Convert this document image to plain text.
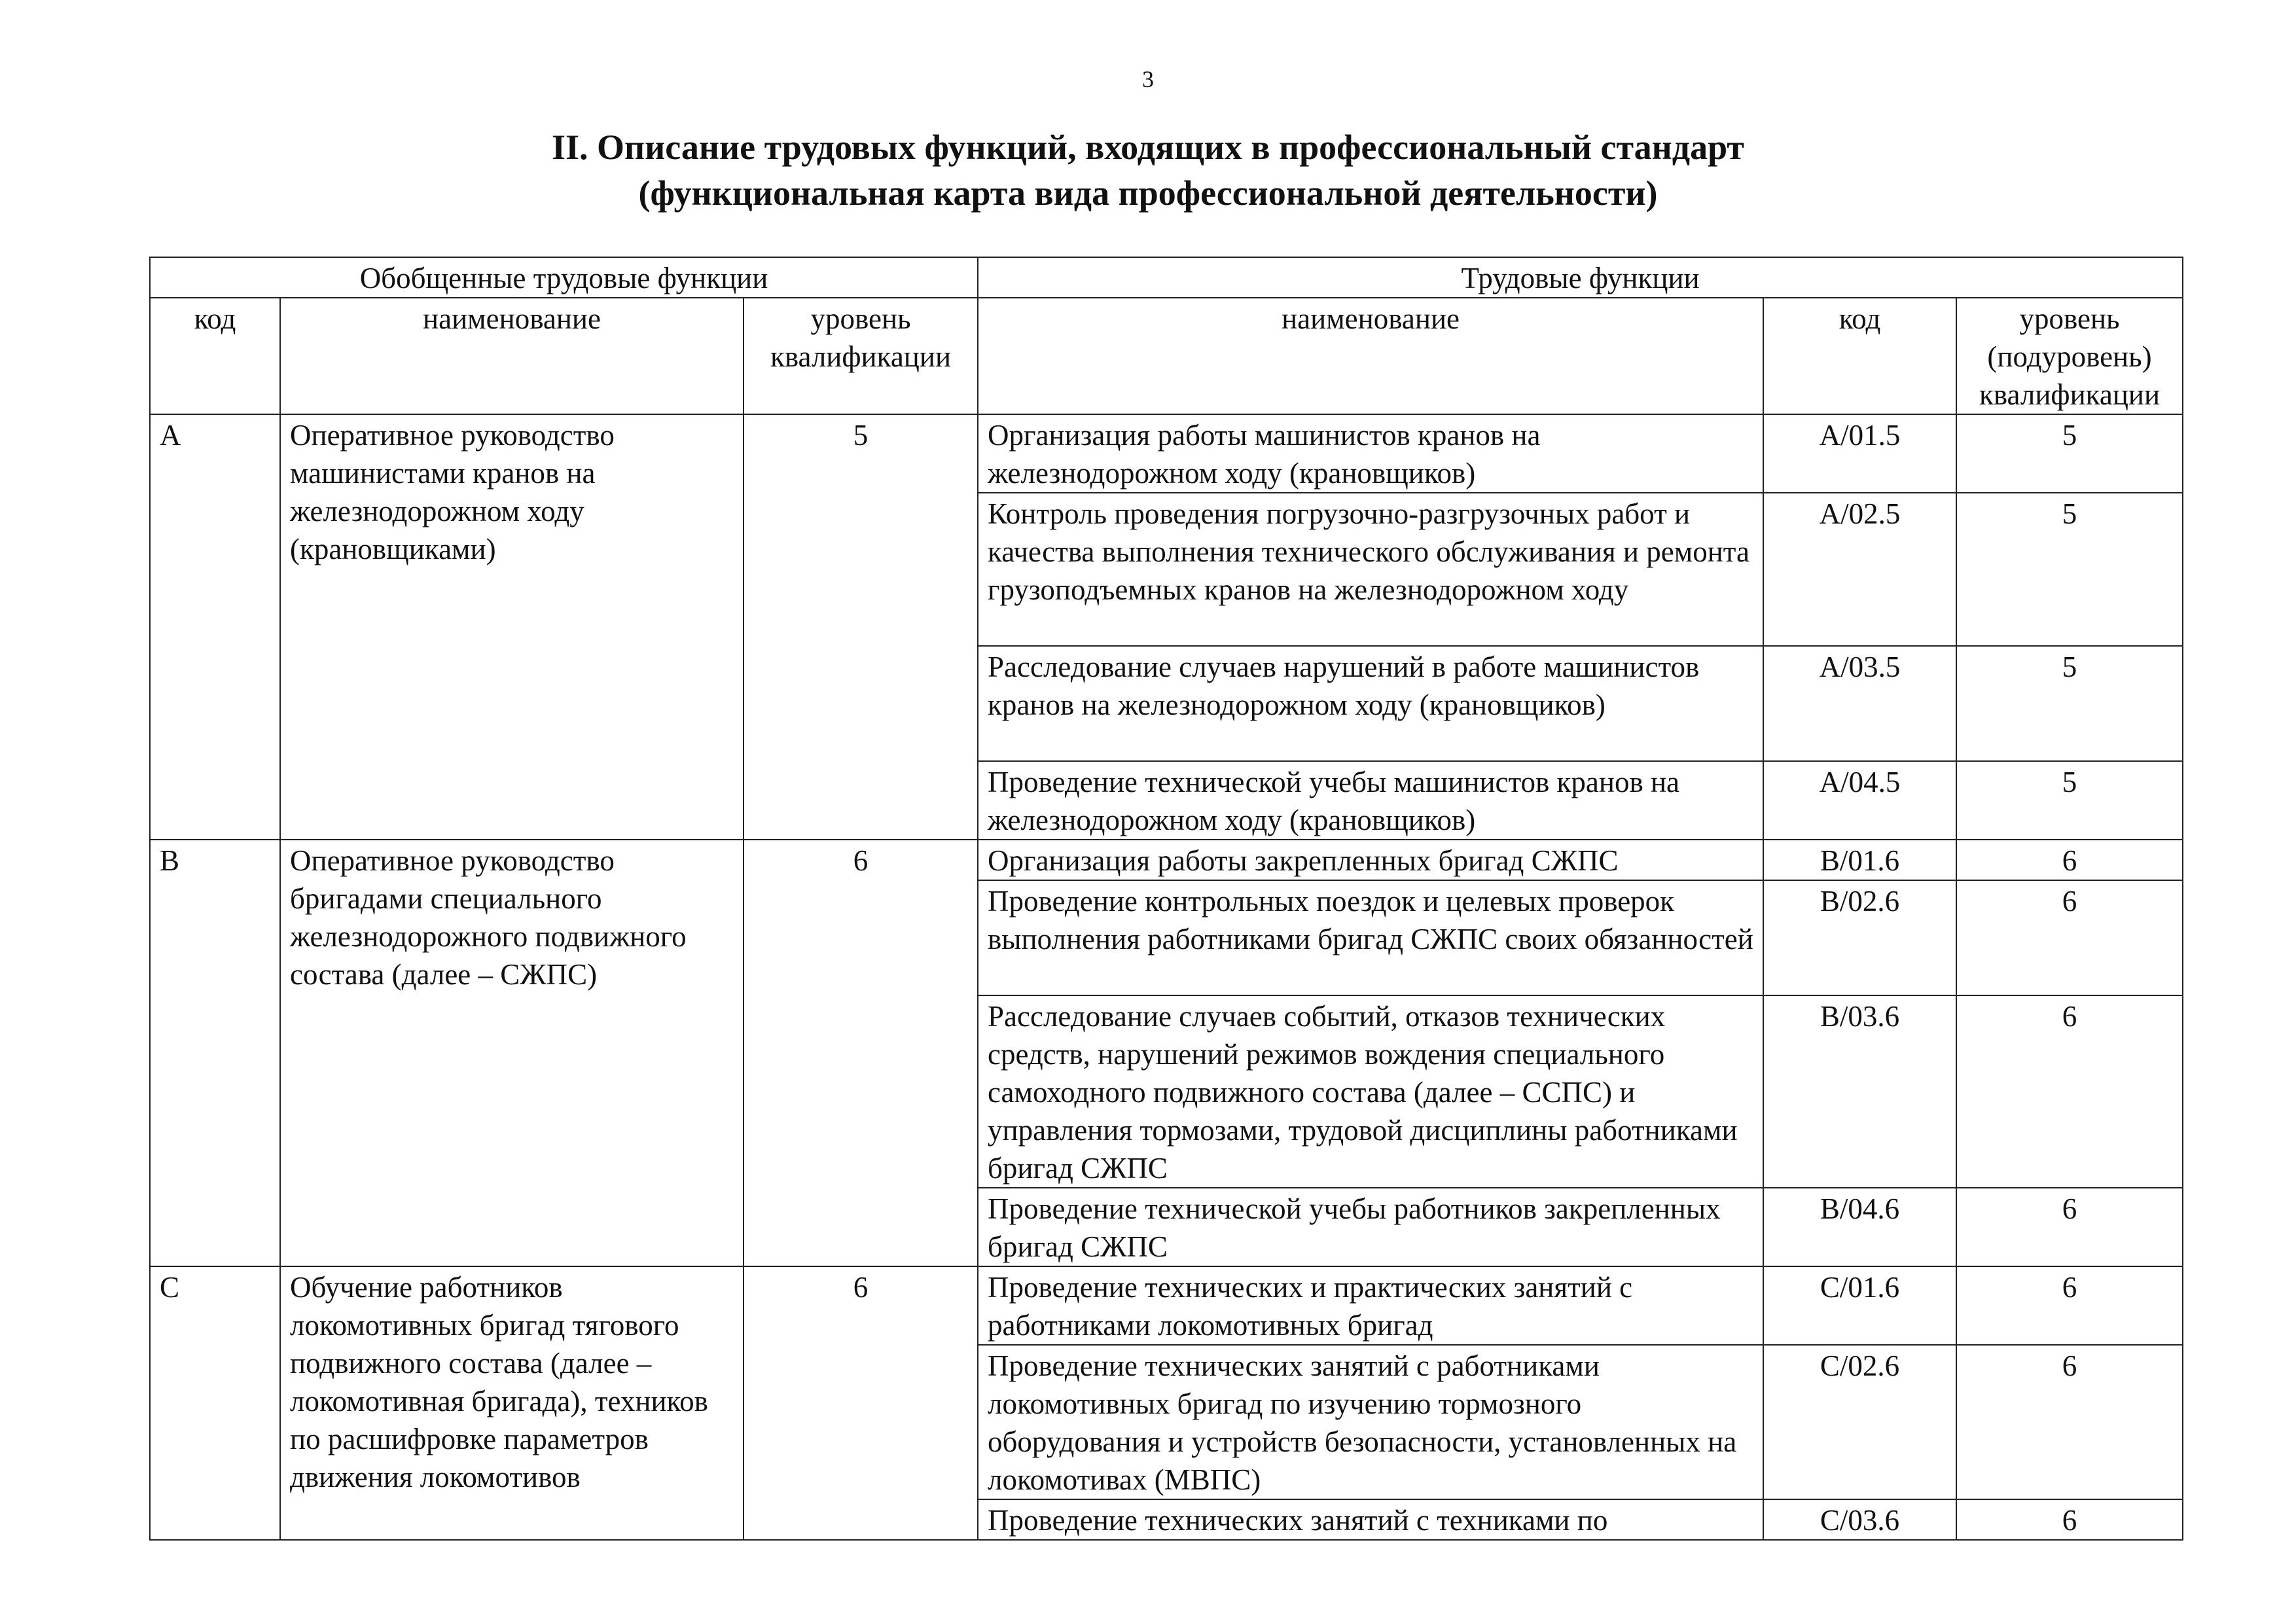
3
II. Описание трудовых функций, входящих в профессиональный стандарт
(функциональная карта вида профессиональной деятельности)
Обобщенные трудовые функции			Трудовые функции		
код	наименование	уровень квалификации	наименование	код	уровень (подуровень) квалификации
A	Оперативное руководство машинистами кранов на железнодорожном ходу (крановщиками)	5	Организация работы машинистов кранов на железнодорожном ходу (крановщиков)	A/01.5	5
			Контроль проведения погрузочно-разгрузочных работ и качества выполнения технического обслуживания и ремонта грузоподъемных кранов на железнодорожном ходу	A/02.5	5
			Расследование случаев нарушений в работе машинистов кранов на железнодорожном ходу (крановщиков)	A/03.5	5
			Проведение технической учебы машинистов кранов на железнодорожном ходу (крановщиков)	A/04.5	5
B	Оперативное руководство бригадами специального железнодорожного подвижного состава (далее – СЖПС)	6	Организация работы закрепленных бригад СЖПС	B/01.6	6
			Проведение контрольных поездок и целевых проверок выполнения работниками бригад СЖПС своих обязанностей	B/02.6	6
			Расследование случаев событий, отказов технических средств, нарушений режимов вождения специального самоходного подвижного состава (далее – ССПС) и управления тормозами, трудовой дисциплины работниками бригад СЖПС	B/03.6	6
			Проведение технической учебы работников закрепленных бригад СЖПС	B/04.6	6
C	Обучение работников локомотивных бригад тягового подвижного состава (далее – локомотивная бригада), техников по расшифровке параметров движения локомотивов	6	Проведение технических и практических занятий с работниками локомотивных бригад	C/01.6	6
			Проведение технических занятий с работниками локомотивных бригад по изучению тормозного оборудования и устройств безопасности, установленных на локомотивах (МВПС)	C/02.6	6
			Проведение технических занятий с техниками по	C/03.6	6
